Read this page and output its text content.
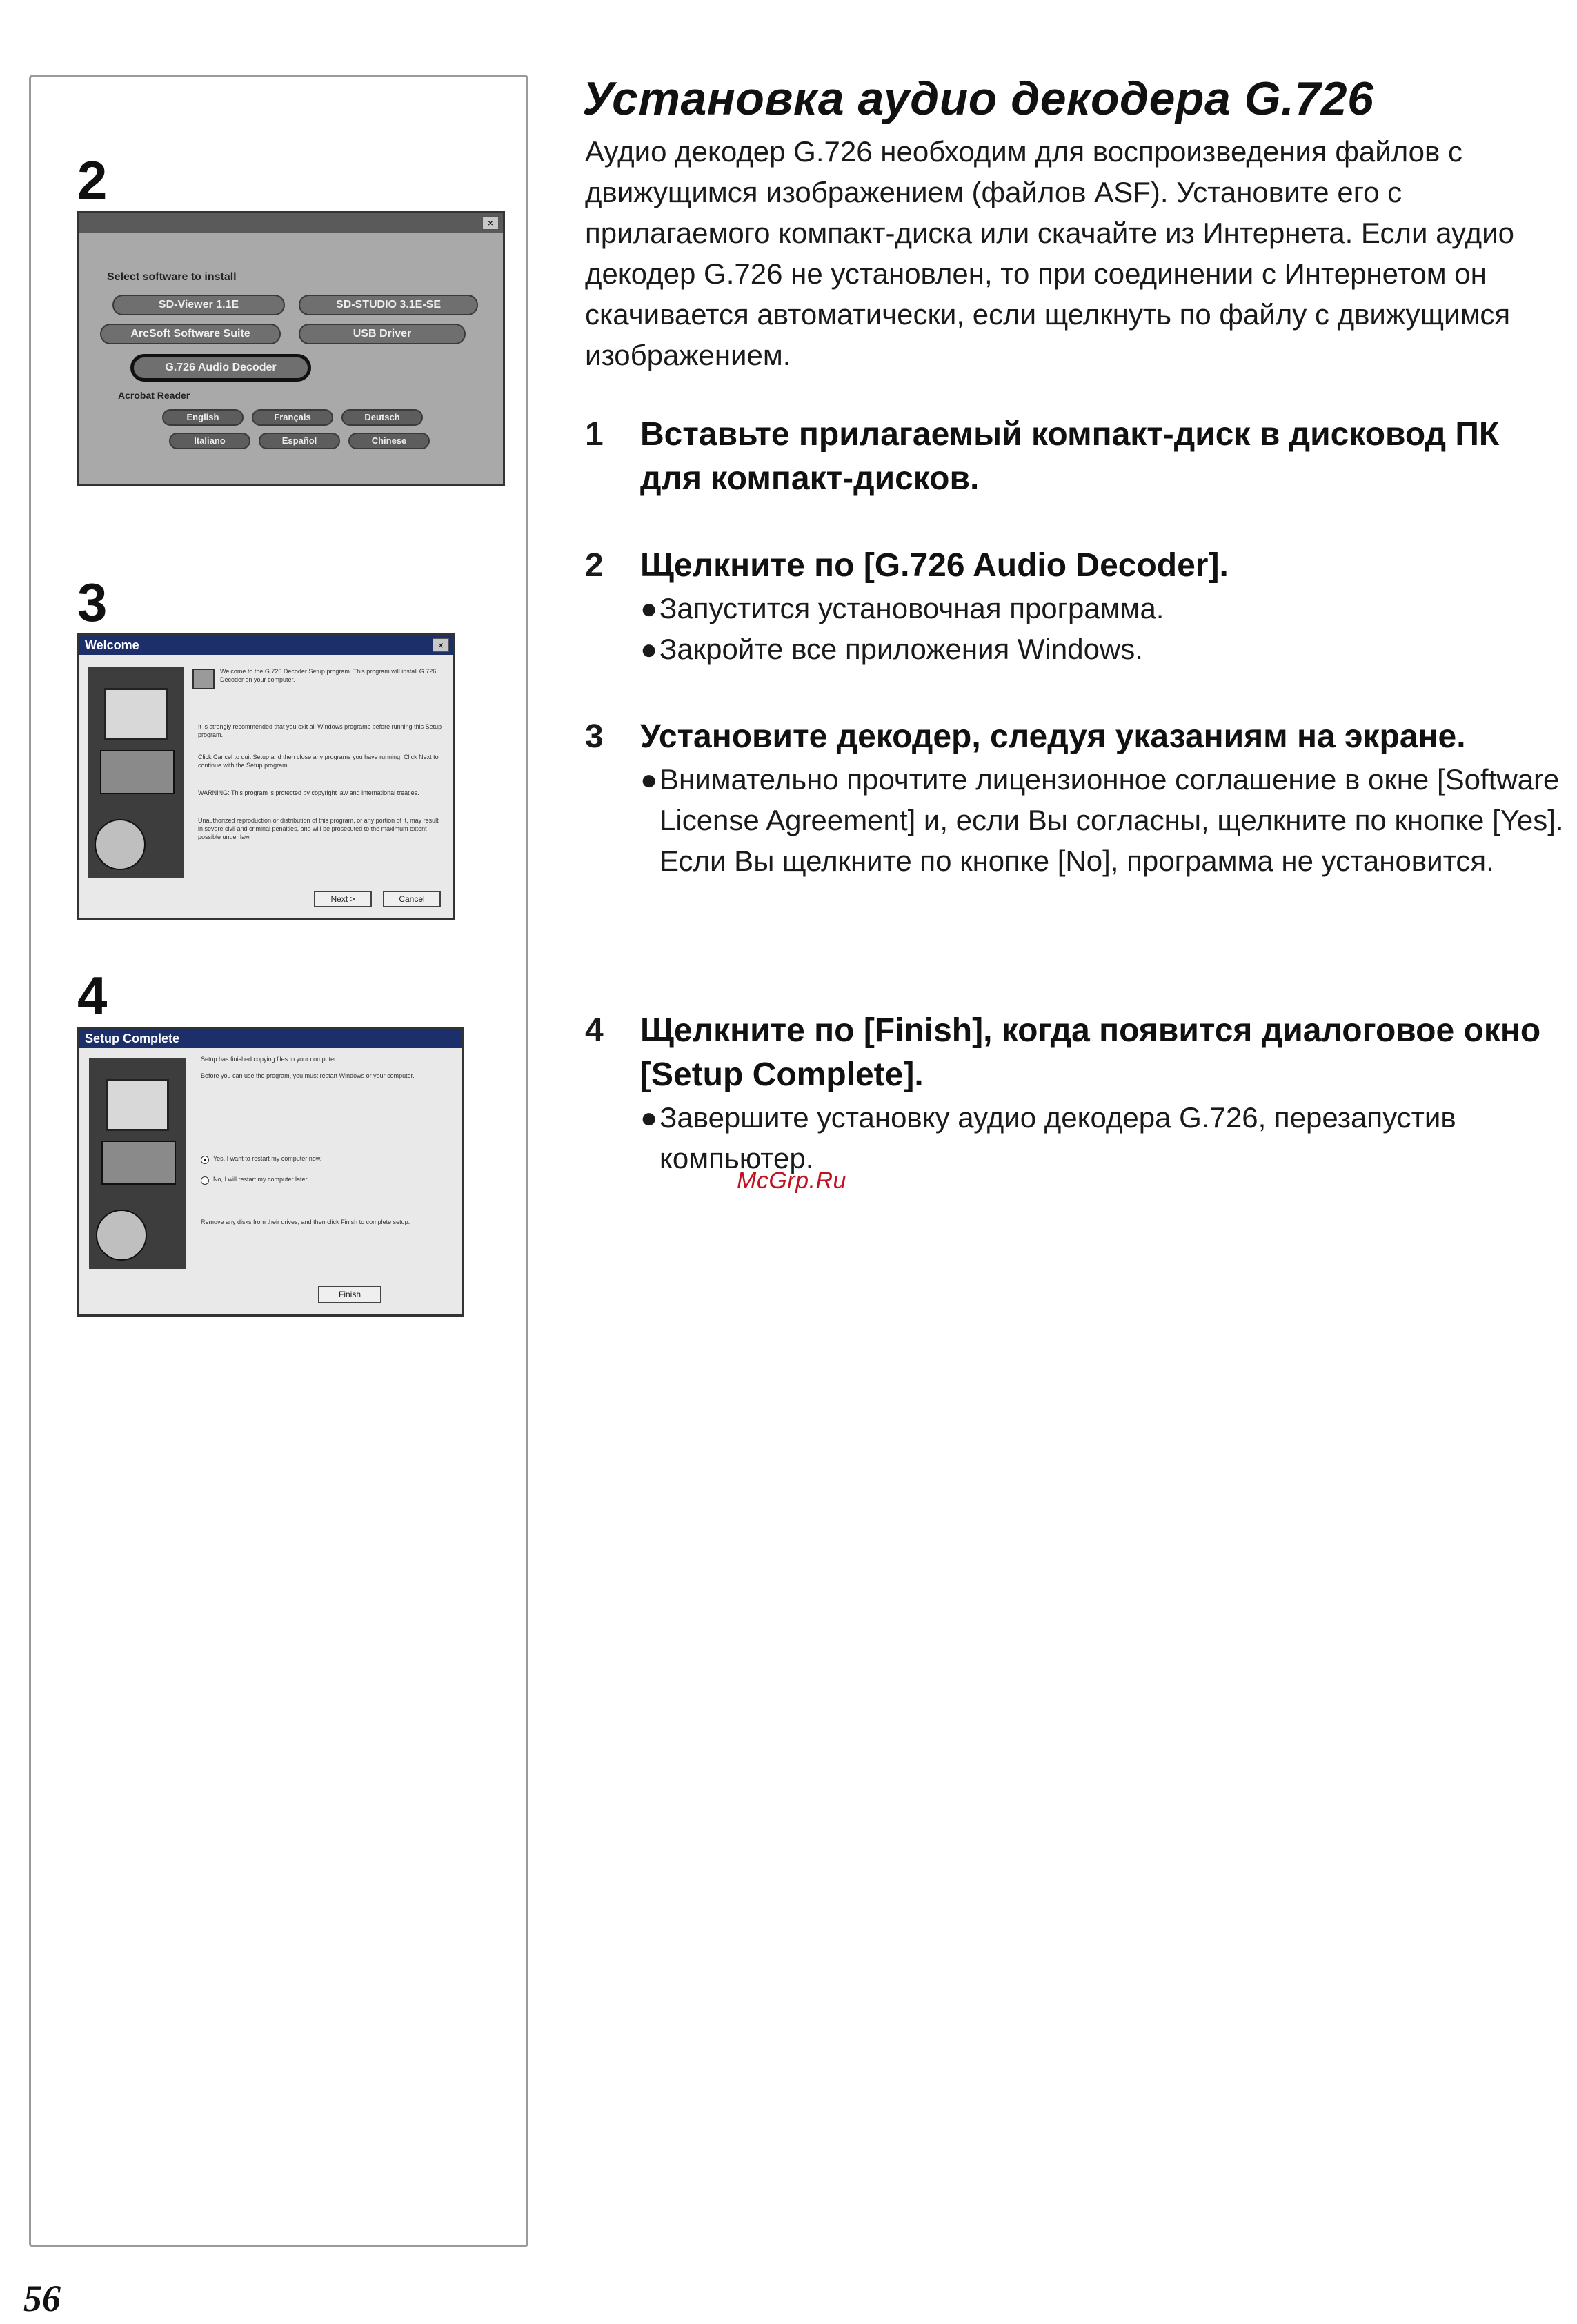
2
×
Select software to install
SD-Viewer 1.1E	SD-STUDIO 3.1E-SE
ArcSoft Software Suite	USB Driver
G.726 Audio Decoder
Acrobat Reader
English	Français	Deutsch
Italiano	Español	Chinese
3
Welcome	×
Welcome to the G.726 Decoder Setup program. This program will install G.726 Decoder on your computer.
It is strongly recommended that you exit all Windows programs before running this Setup program.
Click Cancel to quit Setup and then close any programs you have running. Click Next to continue with the Setup program.
WARNING: This program is protected by copyright law and international treaties.
Unauthorized reproduction or distribution of this program, or any portion of it, may result in severe civil and criminal penalties, and will be prosecuted to the maximum extent possible under law.
Next >	Cancel
4
Setup Complete
Setup has finished copying files to your computer.
Before you can use the program, you must restart Windows or your computer.
Yes, I want to restart my computer now.
No, I will restart my computer later.
Remove any disks from their drives, and then click Finish to complete setup.
Finish
Установка аудио декодера G.726

Аудио декодер G.726 необходим для воспроизведения файлов с движущимся изображением (файлов ASF). Установите его с прилагаемого компакт-диска или скачайте из Интернета. Если аудио декодер G.726 не установлен, то при соединении с Интернетом он скачивается автоматически, если щелкнуть по файлу с движущимся изображением.

1 Вставьте прилагаемый компакт-диск в дисковод ПК для компакт-дисков.

2 Щелкните по [G.726 Audio Decoder].

● Запустится установочная программа.

● Закройте все приложения Windows.

3 Установите декодер, следуя указаниям на экране.

● Внимательно прочтите лицензионное соглашение в окне [Software License Agreement] и, если Вы согласны, щелкните по кнопке [Yes]. Если Вы щелкните по кнопке [No], программа не установится.

4 Щелкните по [Finish], когда появится диалоговое окно [Setup Complete].

● Завершите установку аудио декодера G.726, перезапустив компьютер.

McGrp.Ru
56
